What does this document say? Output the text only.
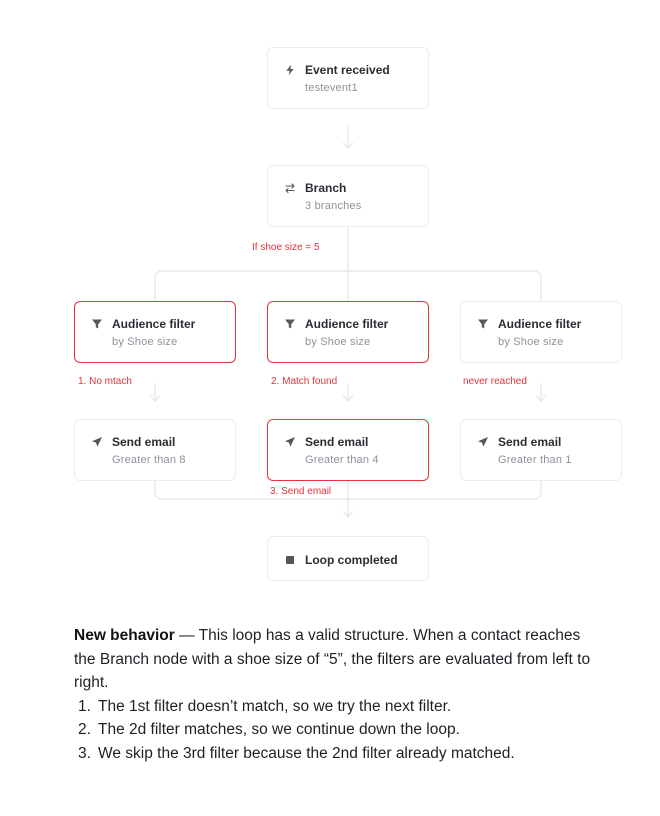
Event received
testevent1
Branch
3 branches
Audience filter
by Shoe size
Audience filter
by Shoe size
Audience filter
by Shoe size
Send email
Greater than 8
Send email
Greater than 4
Send email
Greater than 1
Loop completed
If shoe size = 5
1. No mtach	2. Match found	never reached
3. Send email

New behavior — This loop has a valid structure. When a contact reaches the Branch node with a shoe size of “5”, the filters are evaluated from left to right.

1. The 1st filter doesn’t match, so we try the next filter.
2. The 2d filter matches, so we continue down the loop.
3. We skip the 3rd filter because the 2nd filter already matched.
